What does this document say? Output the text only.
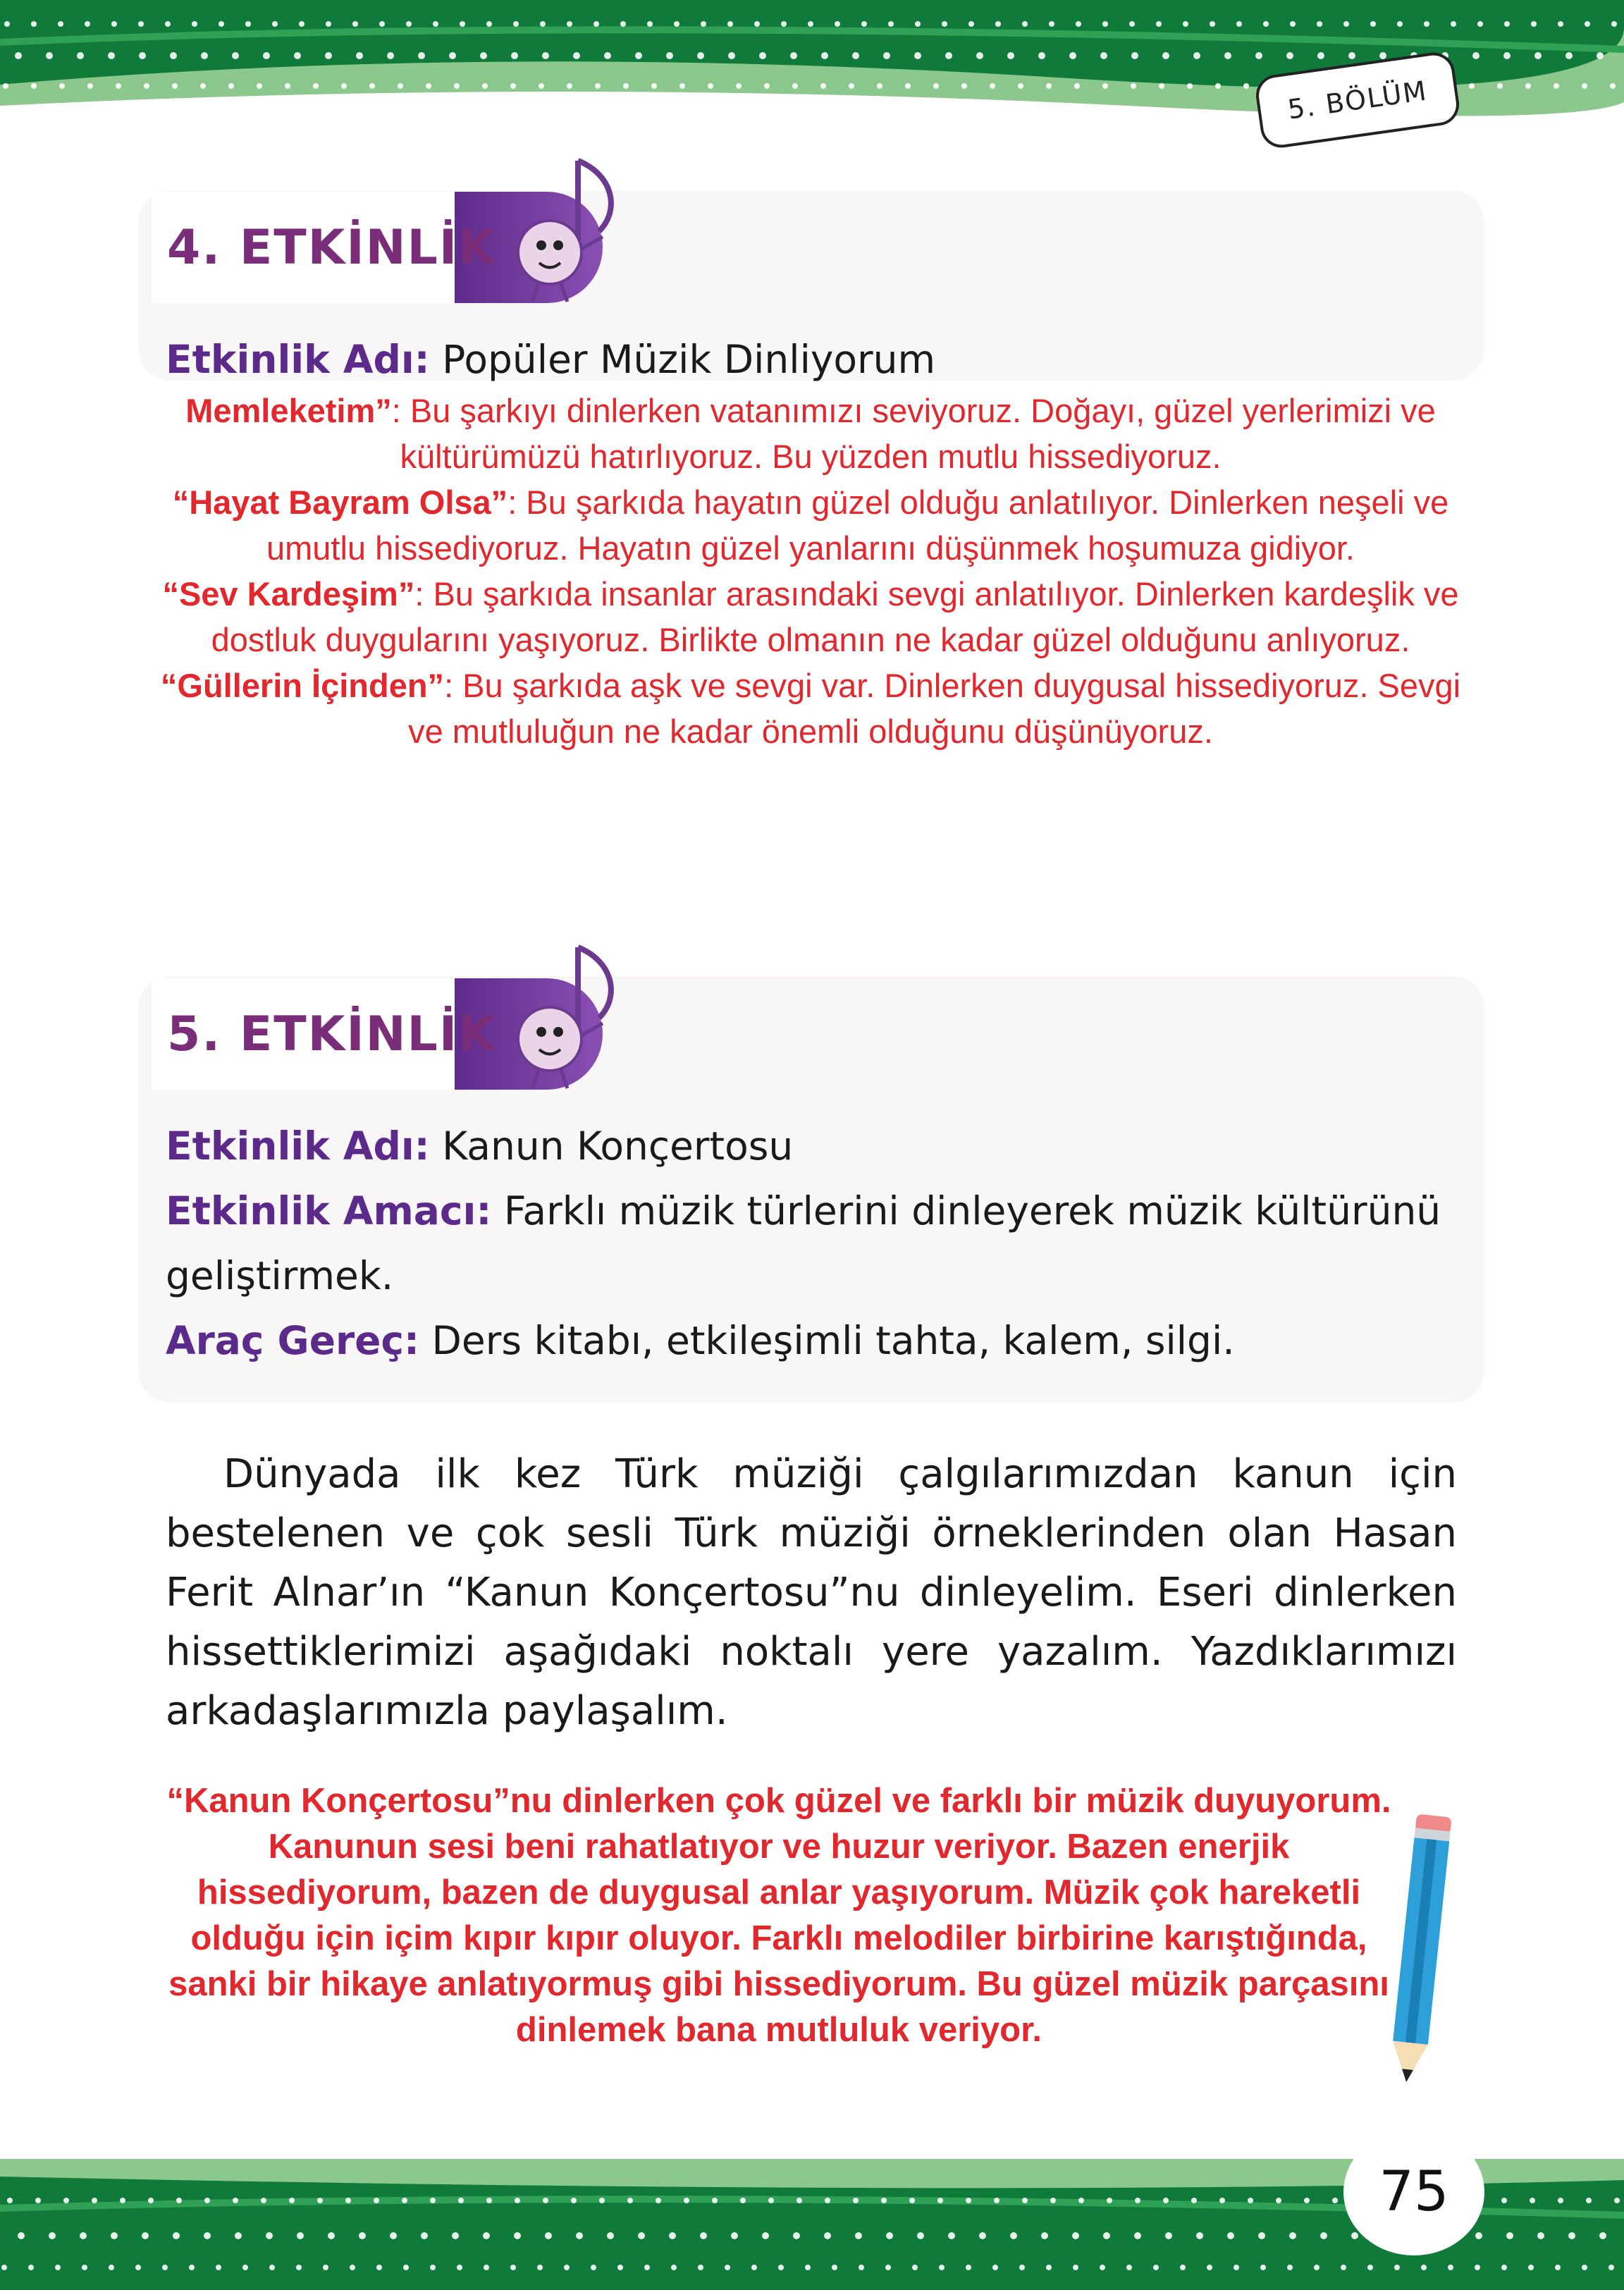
5. BÖLÜM
4. ETKİNLİK
Etkinlik Adı: Popüler Müzik Dinliyorum

Memleketim”: Bu şarkıyı dinlerken vatanımızı seviyoruz. Doğayı, güzel yerlerimizi ve kültürümüzü hatırlıyoruz. Bu yüzden mutlu hissediyoruz.

“Hayat Bayram Olsa”: Bu şarkıda hayatın güzel olduğu anlatılıyor. Dinlerken neşeli ve umutlu hissediyoruz. Hayatın güzel yanlarını düşünmek hoşumuza gidiyor.

“Sev Kardeşim”: Bu şarkıda insanlar arasındaki sevgi anlatılıyor. Dinlerken kardeşlik ve dostluk duygularını yaşıyoruz. Birlikte olmanın ne kadar güzel olduğunu anlıyoruz.

“Güllerin İçinden”: Bu şarkıda aşk ve sevgi var. Dinlerken duygusal hissediyoruz. Sevgi ve mutluluğun ne kadar önemli olduğunu düşünüyoruz.

5. ETKİNLİK
Etkinlik Adı: Kanun Konçertosu
Etkinlik Amacı: Farklı müzik türlerini dinleyerek müzik kültürünü
geliştirmek.
Araç Gereç: Ders kitabı, etkileşimli tahta, kalem, silgi.
Dünyada ilk kez Türk müziği çalgılarımızdan kanun için bestelenen ve çok sesli Türk müziği örneklerinden olan Hasan Ferit Alnar’ın “Kanun Konçertosu”nu dinleyelim. Eseri dinlerken hissettiklerimizi aşağıdaki noktalı yere yazalım. Yazdıklarımızı arkadaşlarımızla paylaşalım.
“Kanun Konçertosu”nu dinlerken çok güzel ve farklı bir müzik duyuyorum. Kanunun sesi beni rahatlatıyor ve huzur veriyor. Bazen enerjik hissediyorum, bazen de duygusal anlar yaşıyorum. Müzik çok hareketli olduğu için içim kıpır kıpır oluyor. Farklı melodiler birbirine karıştığında, sanki bir hikaye anlatıyormuş gibi hissediyorum. Bu güzel müzik parçasını dinlemek bana mutluluk veriyor.
75
